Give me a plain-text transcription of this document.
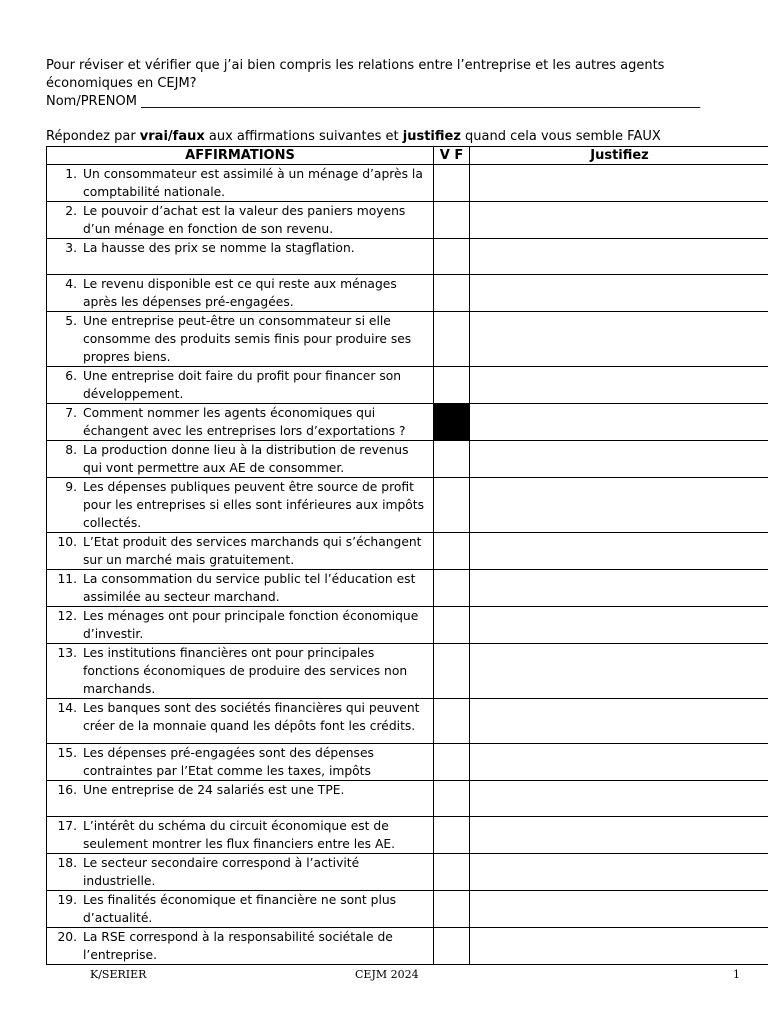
Pour réviser et vérifier que j’ai bien compris les relations entre l’entreprise et les autres agents économiques en CEJM?

Nom/PRENOM ______________________________________________________________________________________

Répondez par vrai/faux aux affirmations suivantes et justifiez quand cela vous semble FAUX
AFFIRMATIONS	V F	Justifiez

1. Un consommateur est assimilé à un ménage d’après la comptabilité nationale.		

2. Le pouvoir d’achat est la valeur des paniers moyens d’un ménage en fonction de son revenu.		

3. La hausse des prix se nomme la stagflation.		

4. Le revenu disponible est ce qui reste aux ménages après les dépenses pré-engagées.		

5. Une entreprise peut-être un consommateur si elle consomme des produits semis finis pour produire ses propres biens.		

6. Une entreprise doit faire du profit pour financer son développement.		

7. Comment nommer les agents économiques qui échangent avec les entreprises lors d’exportations ?		

8. La production donne lieu à la distribution de revenus qui vont permettre aux AE de consommer.		

9. Les dépenses publiques peuvent être source de profit pour les entreprises si elles sont inférieures aux impôts collectés.		

10. L’Etat produit des services marchands qui s’échangent sur un marché mais gratuitement.		

11. La consommation du service public tel l’éducation est assimilée au secteur marchand.		

12. Les ménages ont pour principale fonction économique d’investir.		

13. Les institutions financières ont pour principales fonctions économiques de produire des services non marchands.		

14. Les banques sont des sociétés financières qui peuvent créer de la monnaie quand les dépôts font les crédits.		

15. Les dépenses pré-engagées sont des dépenses contraintes par l’Etat comme les taxes, impôts		

16. Une entreprise de 24 salariés est une TPE.		

17. L’intérêt du schéma du circuit économique est de seulement montrer les flux financiers entre les AE.		

18. Le secteur secondaire correspond à l’activité industrielle.		

19. Les finalités économique et financière ne sont plus d’actualité.		

20. La RSE correspond à la responsabilité sociétale de l’entreprise.		

K/SERIER	CEJM 2024	1
